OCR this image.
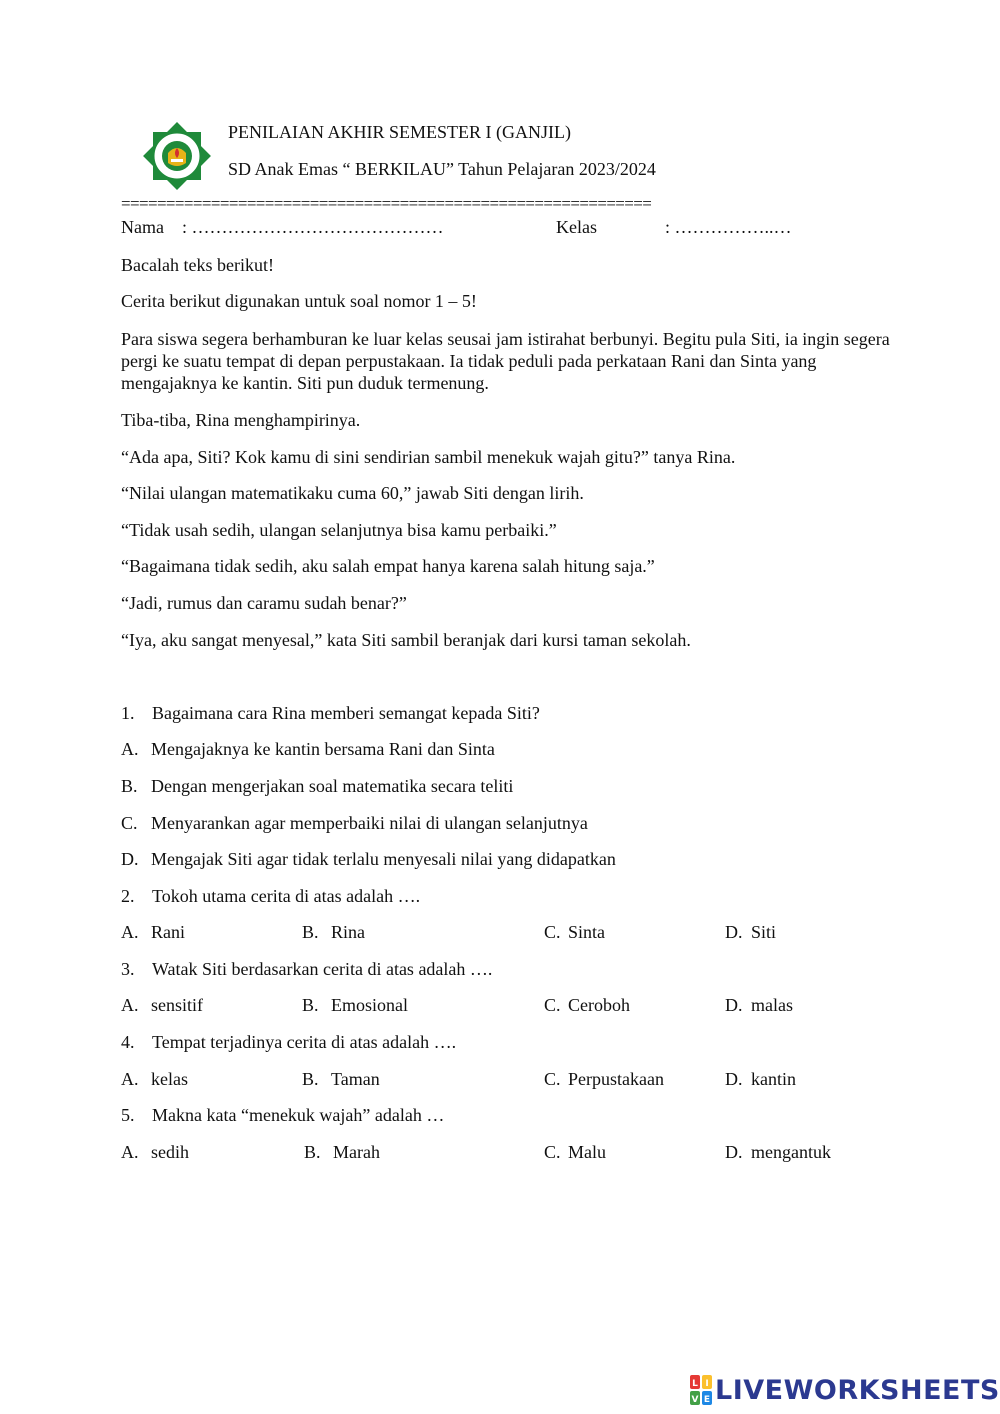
PENILAIAN AKHIR SEMESTER I (GANJIL)
SD Anak Emas “ BERKILAU” Tahun Pelajaran 2023/2024
===========================================================
Nama : ……………………………………	Kelas	: ……………..…
Bacalah teks berikut!
Cerita berikut digunakan untuk soal nomor 1 – 5!
Para siswa segera berhamburan ke luar kelas seusai jam istirahat berbunyi. Begitu pula Siti, ia ingin segera pergi ke suatu tempat di depan perpustakaan. Ia tidak peduli pada perkataan Rani dan Sinta yang mengajaknya ke kantin. Siti pun duduk termenung.
Tiba-tiba, Rina menghampirinya.
“Ada apa, Siti? Kok kamu di sini sendirian sambil menekuk wajah gitu?” tanya Rina.
“Nilai ulangan matematikaku cuma 60,” jawab Siti dengan lirih.
“Tidak usah sedih, ulangan selanjutnya bisa kamu perbaiki.”
“Bagaimana tidak sedih, aku salah empat hanya karena salah hitung saja.”
“Jadi, rumus dan caramu sudah benar?”
“Iya, aku sangat menyesal,” kata Siti sambil beranjak dari kursi taman sekolah.
1. Bagaimana cara Rina memberi semangat kepada Siti?
A. Mengajaknya ke kantin bersama Rani dan Sinta
B. Dengan mengerjakan soal matematika secara teliti
C. Menyarankan agar memperbaiki nilai di ulangan selanjutnya
D. Mengajak Siti agar tidak terlalu menyesali nilai yang didapatkan
2. Tokoh utama cerita di atas adalah ….
A. Rani	B. Rina	C. Sinta	D. Siti
3. Watak Siti berdasarkan cerita di atas adalah ….
A. sensitif	B. Emosional	C. Ceroboh	D. malas
4. Tempat terjadinya cerita di atas adalah ….
A. kelas	B. Taman	C. Perpustakaan	D. kantin
5. Makna kata “menekuk wajah” adalah …
A. sedih	B. Marah	C. Malu	D. mengantuk
L I
V E LIVEWORKSHEETS
